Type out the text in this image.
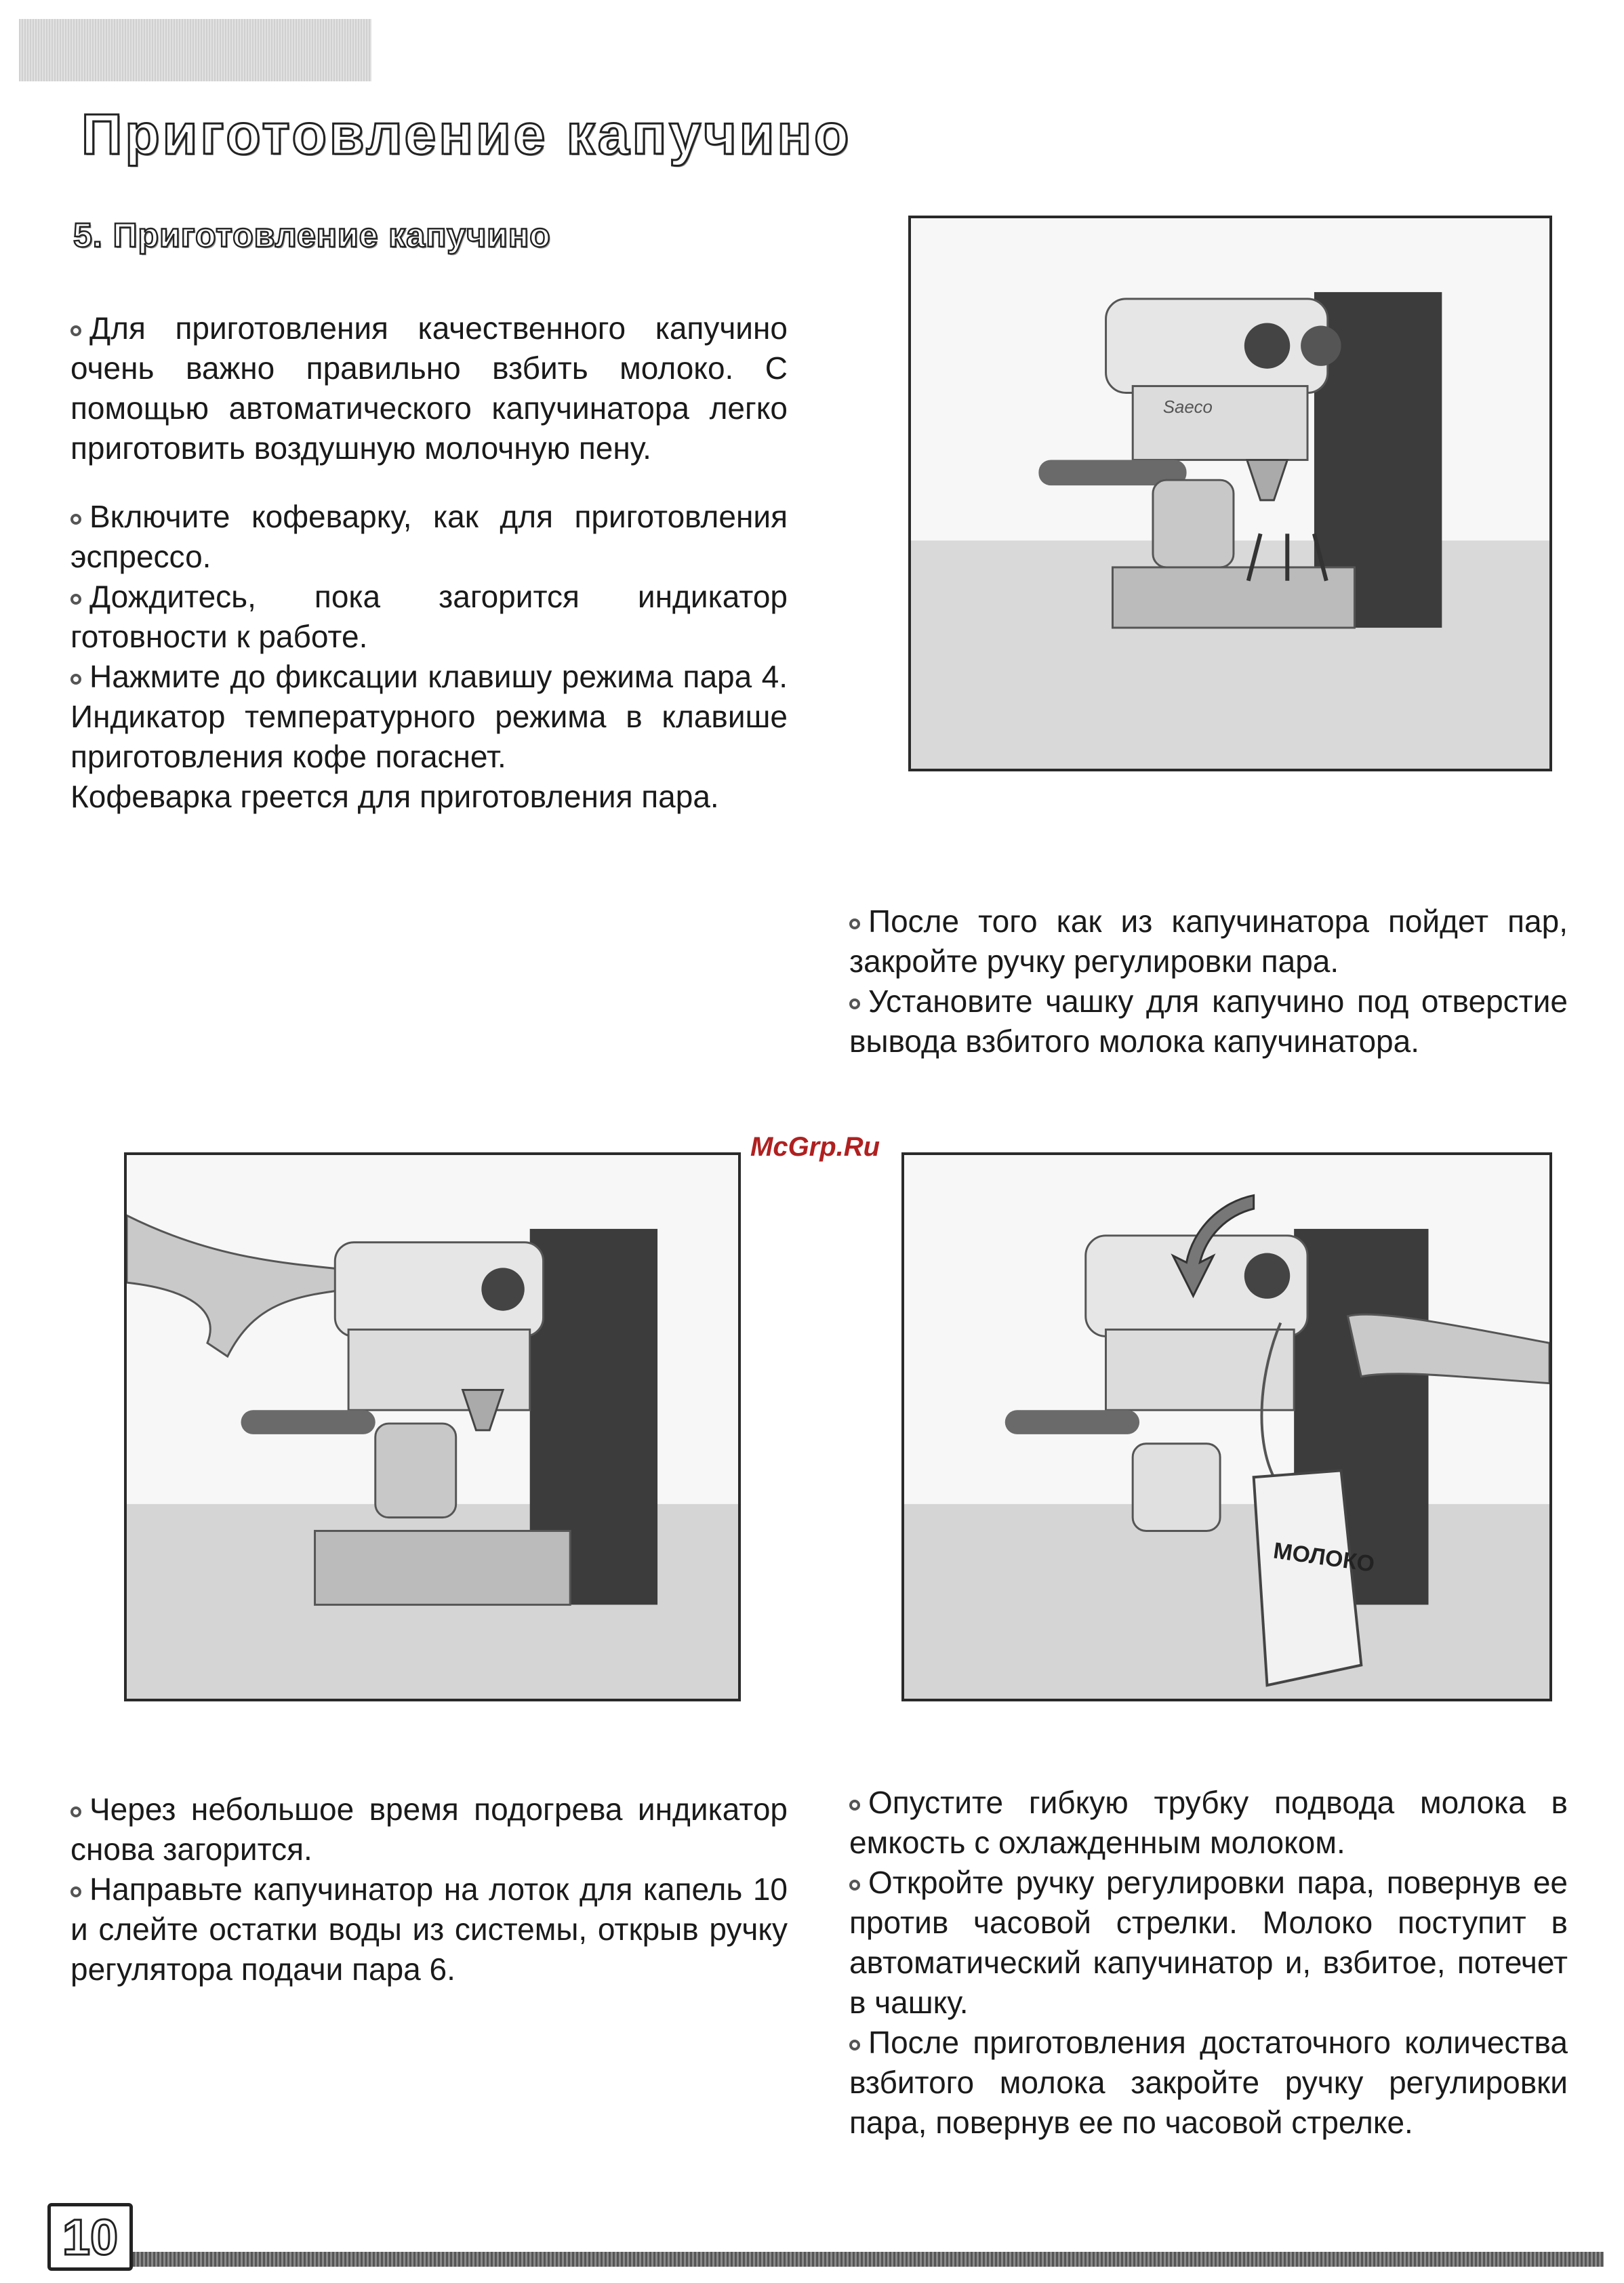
Приготовление капучино
5. Приготовление капучино

Для приготовления качественного капучино очень важно правильно взбить молоко. С помощью автоматического капучинатора легко приготовить воздушную молочную пену.

Включите кофеварку, как для приготовления эспрессо.

Дождитесь, пока загорится индикатор готовности к работе.

Нажмите до фиксации клавишу режима пара 4. Индикатор температурного режима в клавише приготовления кофе погаснет.

Кофеварка греется для приготовления пара.

Saeco

После того как из капучинатора пойдет пар, закройте ручку регулировки пара.

Установите чашку для капучино под отверстие вывода взбитого молока капучинатора.

McGrp.Ru
МОЛОКО

Через небольшое время подогрева индикатор снова загорится.

Направьте капучинатор на лоток для капель 10 и слейте остатки воды из системы, открыв ручку регулятора подачи пара 6.

Опустите гибкую трубку подвода молока в емкость с охлажденным молоком.

Откройте ручку регулировки пара, повернув ее против часовой стрелки. Молоко поступит в автоматический капучинатор и, взбитое, потечет в чашку.

После приготовления достаточного количества взбитого молока закройте ручку регулировки пара, повернув ее по часовой стрелке.

10
